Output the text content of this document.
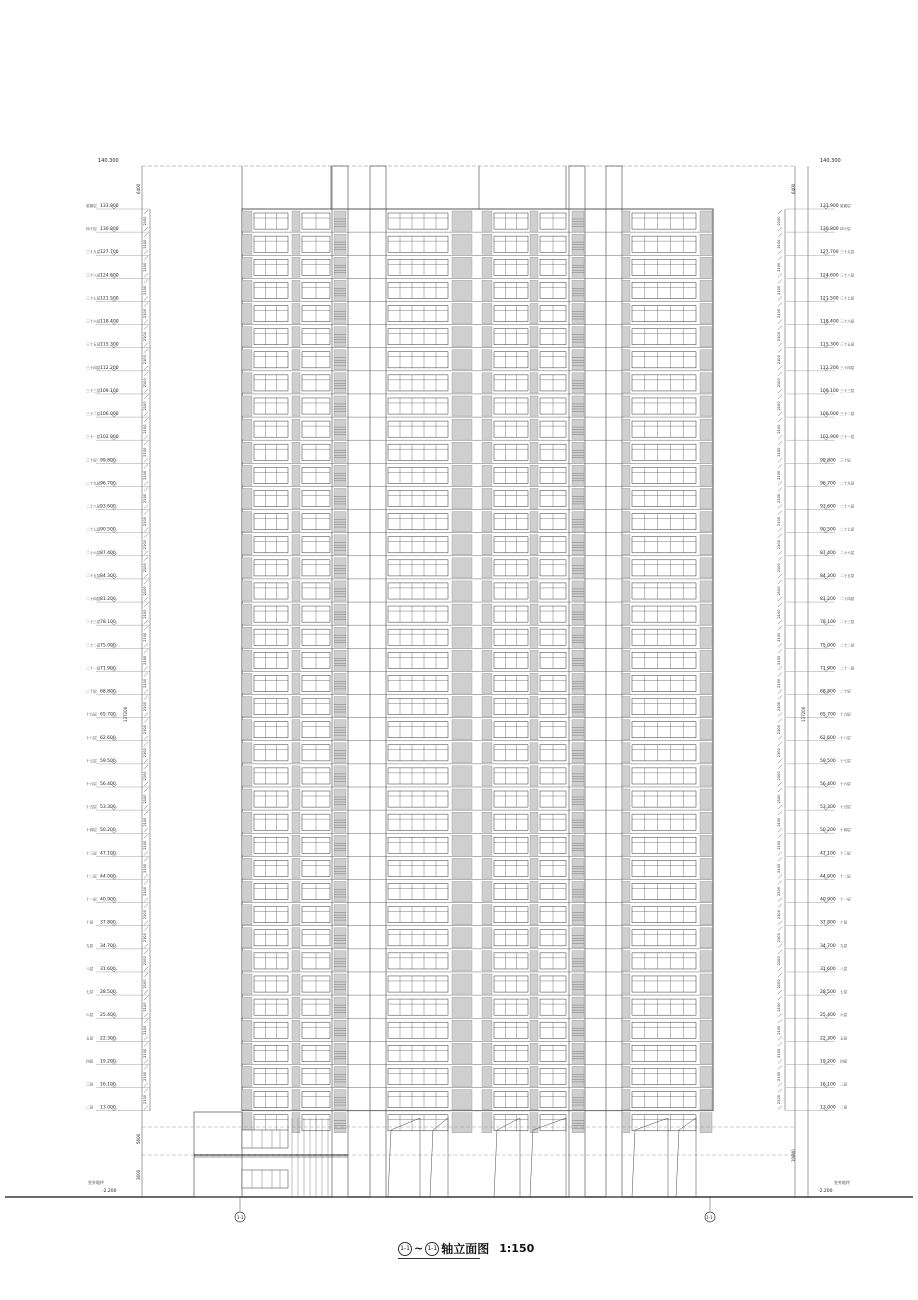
屋面层 133.900
四十层 130.800
2100
三十九层 127.700
2100
三十八层 124.600
2100
三十七层 121.500
2100
三十六层 118.400
2100
三十五层 115.300
2100
三十四层 112.200
2100
三十三层 109.100
2100
三十二层 106.000
2100
三十一层 102.900
2100
三十层 99.800
2100
二十九层 96.700
2100
二十八层 93.600
2100
二十七层 90.500
2100
二十六层 87.400
2100
二十五层 84.300
2100
二十四层 81.200
2100
二十三层 78.100
2100
二十二层 75.000
2100
二十一层 71.900
2100
二十层 68.800
2100
十九层 65.700
2100
十八层 62.600
2100
十七层 59.500
2100
十六层 56.400
2100
十五层 53.300
2100
十四层 50.200
2100
十三层 47.100
2100
十二层 44.000
2100
十一层 40.900
2100
十层 37.800
2100
九层 34.700
2100
八层 31.600
2100
七层 28.500
2100
六层 25.400
2100
五层 22.300
2100
四层 19.200
2100
三层 16.100
2100
二层 13.000
2100
屋面层
133.900
四十层
130.800
2100
三十九层
127.700
2100
三十八层
124.600
2100
三十七层
121.500
2100
三十六层
118.400
2100
三十五层
115.300
2100
三十四层
112.200
2100
三十三层
109.100
2100
三十二层
106.000
2100
三十一层
102.900
2100
三十层
99.800
2100
二十九层
96.700
2100
二十八层
93.600
2100
二十七层
90.500
2100
二十六层
87.400
2100
二十五层
84.300
2100
二十四层
81.200
2100
二十三层
78.100
2100
二十二层
75.000
2100
二十一层
71.900
2100
二十层
68.800
2100
十九层
65.700
2100
十八层
62.600
2100
十七层
59.500
2100
十六层
56.400
2100
十五层
53.300
2100
十四层
50.200
2100
十三层
47.100
2100
十二层
44.000
2100
十一层
40.900
2100
十层
37.800
2100
九层
34.700
2100
八层
31.600
2100
七层
28.500
2100
六层
25.400
2100
五层
22.300
2100
四层
19.200
2100
三层
16.100
2100
二层
13.000
2100
140.300	140.300
6400	6400
137200	137200
5600
3600
10800
室外地坪
-2.200
室外地坪
-2.200
1-1	1-1
1-1 ~ 1-1 轴立面图 1:150
